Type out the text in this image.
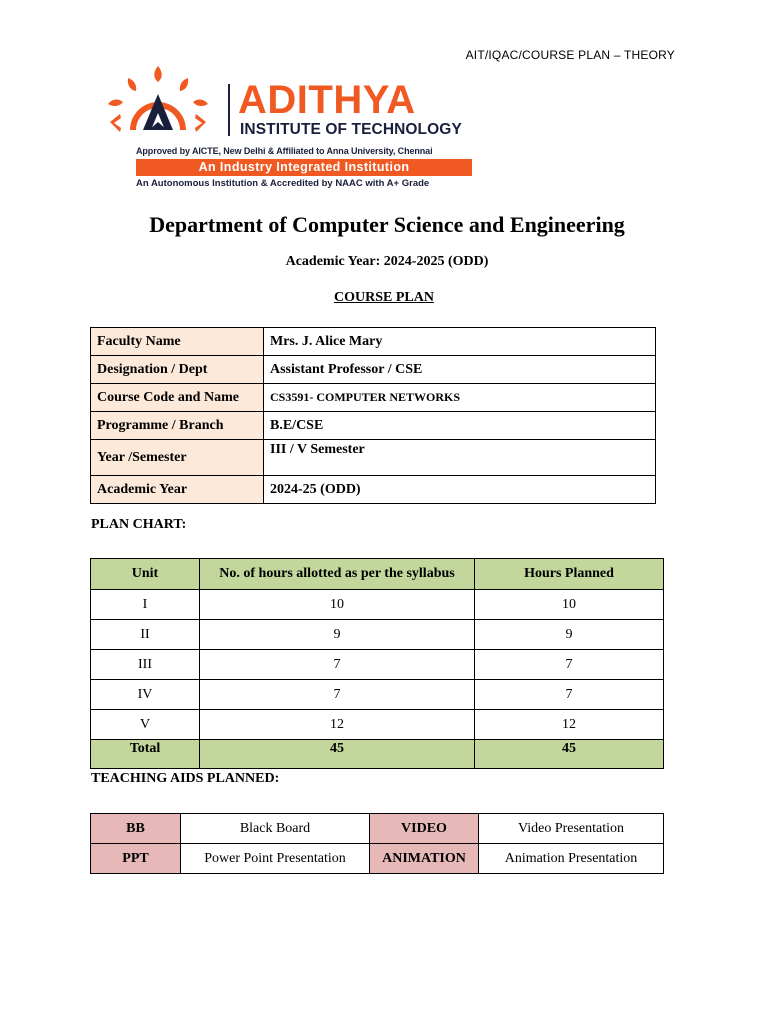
AIT/IQAC/COURSE PLAN – THEORY
ADITHYA
INSTITUTE OF TECHNOLOGY
Approved by AICTE, New Delhi & Affiliated to Anna University, Chennai
An Industry Integrated Institution
An Autonomous Institution & Accredited by NAAC with A+ Grade
Department of Computer Science and Engineering
Academic Year: 2024-2025 (ODD)
COURSE PLAN
Faculty Name	Mrs. J. Alice Mary
Designation / Dept	Assistant Professor / CSE
Course Code and Name	CS3591- COMPUTER NETWORKS
Programme / Branch	B.E/CSE
Year /Semester	III / V Semester
Academic Year	2024-25 (ODD)
PLAN CHART:
Unit	No. of hours allotted as per the syllabus	Hours Planned
I	10	10
II	9	9
III	7	7
IV	7	7
V	12	12
Total	45	45
TEACHING AIDS PLANNED:
BB	Black Board	VIDEO	Video Presentation
PPT	Power Point Presentation	ANIMATION	Animation Presentation
